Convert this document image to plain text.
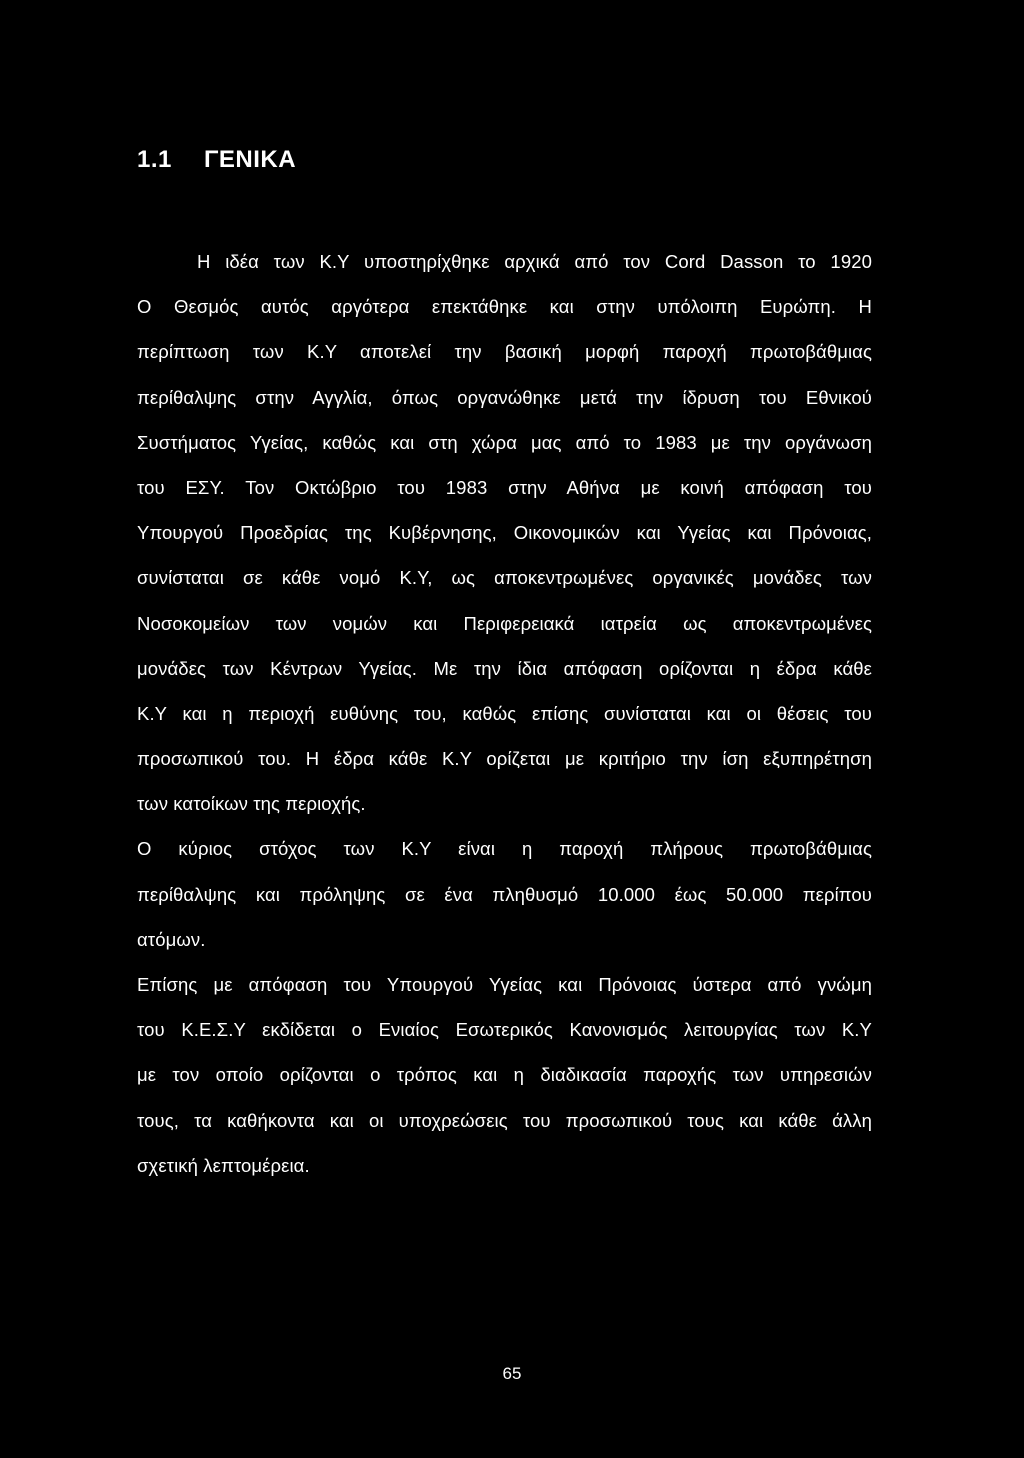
1.1 ΓΕΝΙΚΑ
Η ιδέα των Κ.Υ υποστηρίχθηκε αρχικά από τον Cord Dasson το 1920
Ο Θεσμός αυτός αργότερα επεκτάθηκε και στην υπόλοιπη Ευρώπη. Η
περίπτωση των Κ.Υ αποτελεί την βασική μορφή παροχή πρωτοβάθμιας
περίθαλψης στην Αγγλία, όπως οργανώθηκε μετά την ίδρυση του Εθνικού
Συστήματος Υγείας, καθώς και στη χώρα μας από το 1983 με την οργάνωση
του ΕΣΥ. Τον Οκτώβριο του 1983 στην Αθήνα με κοινή απόφαση του
Υπουργού Προεδρίας της Κυβέρνησης, Οικονομικών και Υγείας και Πρόνοιας,
συνίσταται σε κάθε νομό Κ.Υ, ως αποκεντρωμένες οργανικές μονάδες των
Νοσοκομείων των νομών και Περιφερειακά ιατρεία ως αποκεντρωμένες
μονάδες των Κέντρων Υγείας. Με την ίδια απόφαση ορίζονται η έδρα κάθε
Κ.Υ και η περιοχή ευθύνης του, καθώς επίσης συνίσταται και οι θέσεις του
προσωπικού του. Η έδρα κάθε Κ.Υ ορίζεται με κριτήριο την ίση εξυπηρέτηση
των κατοίκων της περιοχής.
Ο κύριος στόχος των Κ.Υ είναι η παροχή πλήρους πρωτοβάθμιας
περίθαλψης και πρόληψης σε ένα πληθυσμό 10.000 έως 50.000 περίπου
ατόμων.
Επίσης με απόφαση του Υπουργού Υγείας και Πρόνοιας ύστερα από γνώμη
του Κ.Ε.Σ.Υ εκδίδεται ο Ενιαίος Εσωτερικός Κανονισμός λειτουργίας των Κ.Υ
με τον οποίο ορίζονται ο τρόπος και η διαδικασία παροχής των υπηρεσιών
τους, τα καθήκοντα και οι υποχρεώσεις του προσωπικού τους και κάθε άλλη
σχετική λεπτομέρεια.
65
